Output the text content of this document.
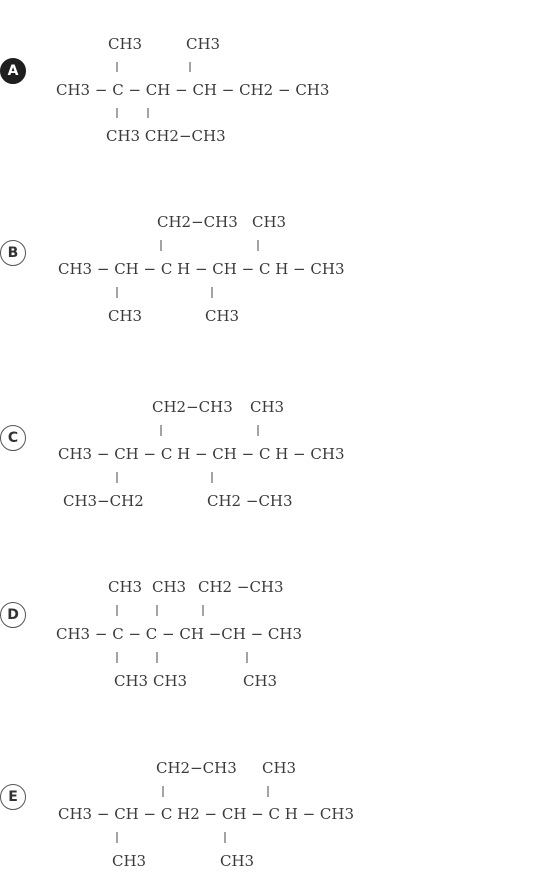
A
CH3	CH3
CH3 − C − CH − CH − CH2 − CH3
CH3 CH2−CH3
B
CH2−CH3 CH3
CH3 − CH − C H − CH − C H − CH3
CH3	CH3
C
CH2−CH3 CH3
CH3 − CH − C H − CH − C H − CH3
CH3−CH2	CH2 −CH3
D
CH3 CH3 CH2 −CH3
CH3 − C − C − CH −CH − CH3
CH3 CH3	CH3
E
CH2−CH3 CH3
CH3 − CH − C H2 − CH − C H − CH3
CH3	CH3
